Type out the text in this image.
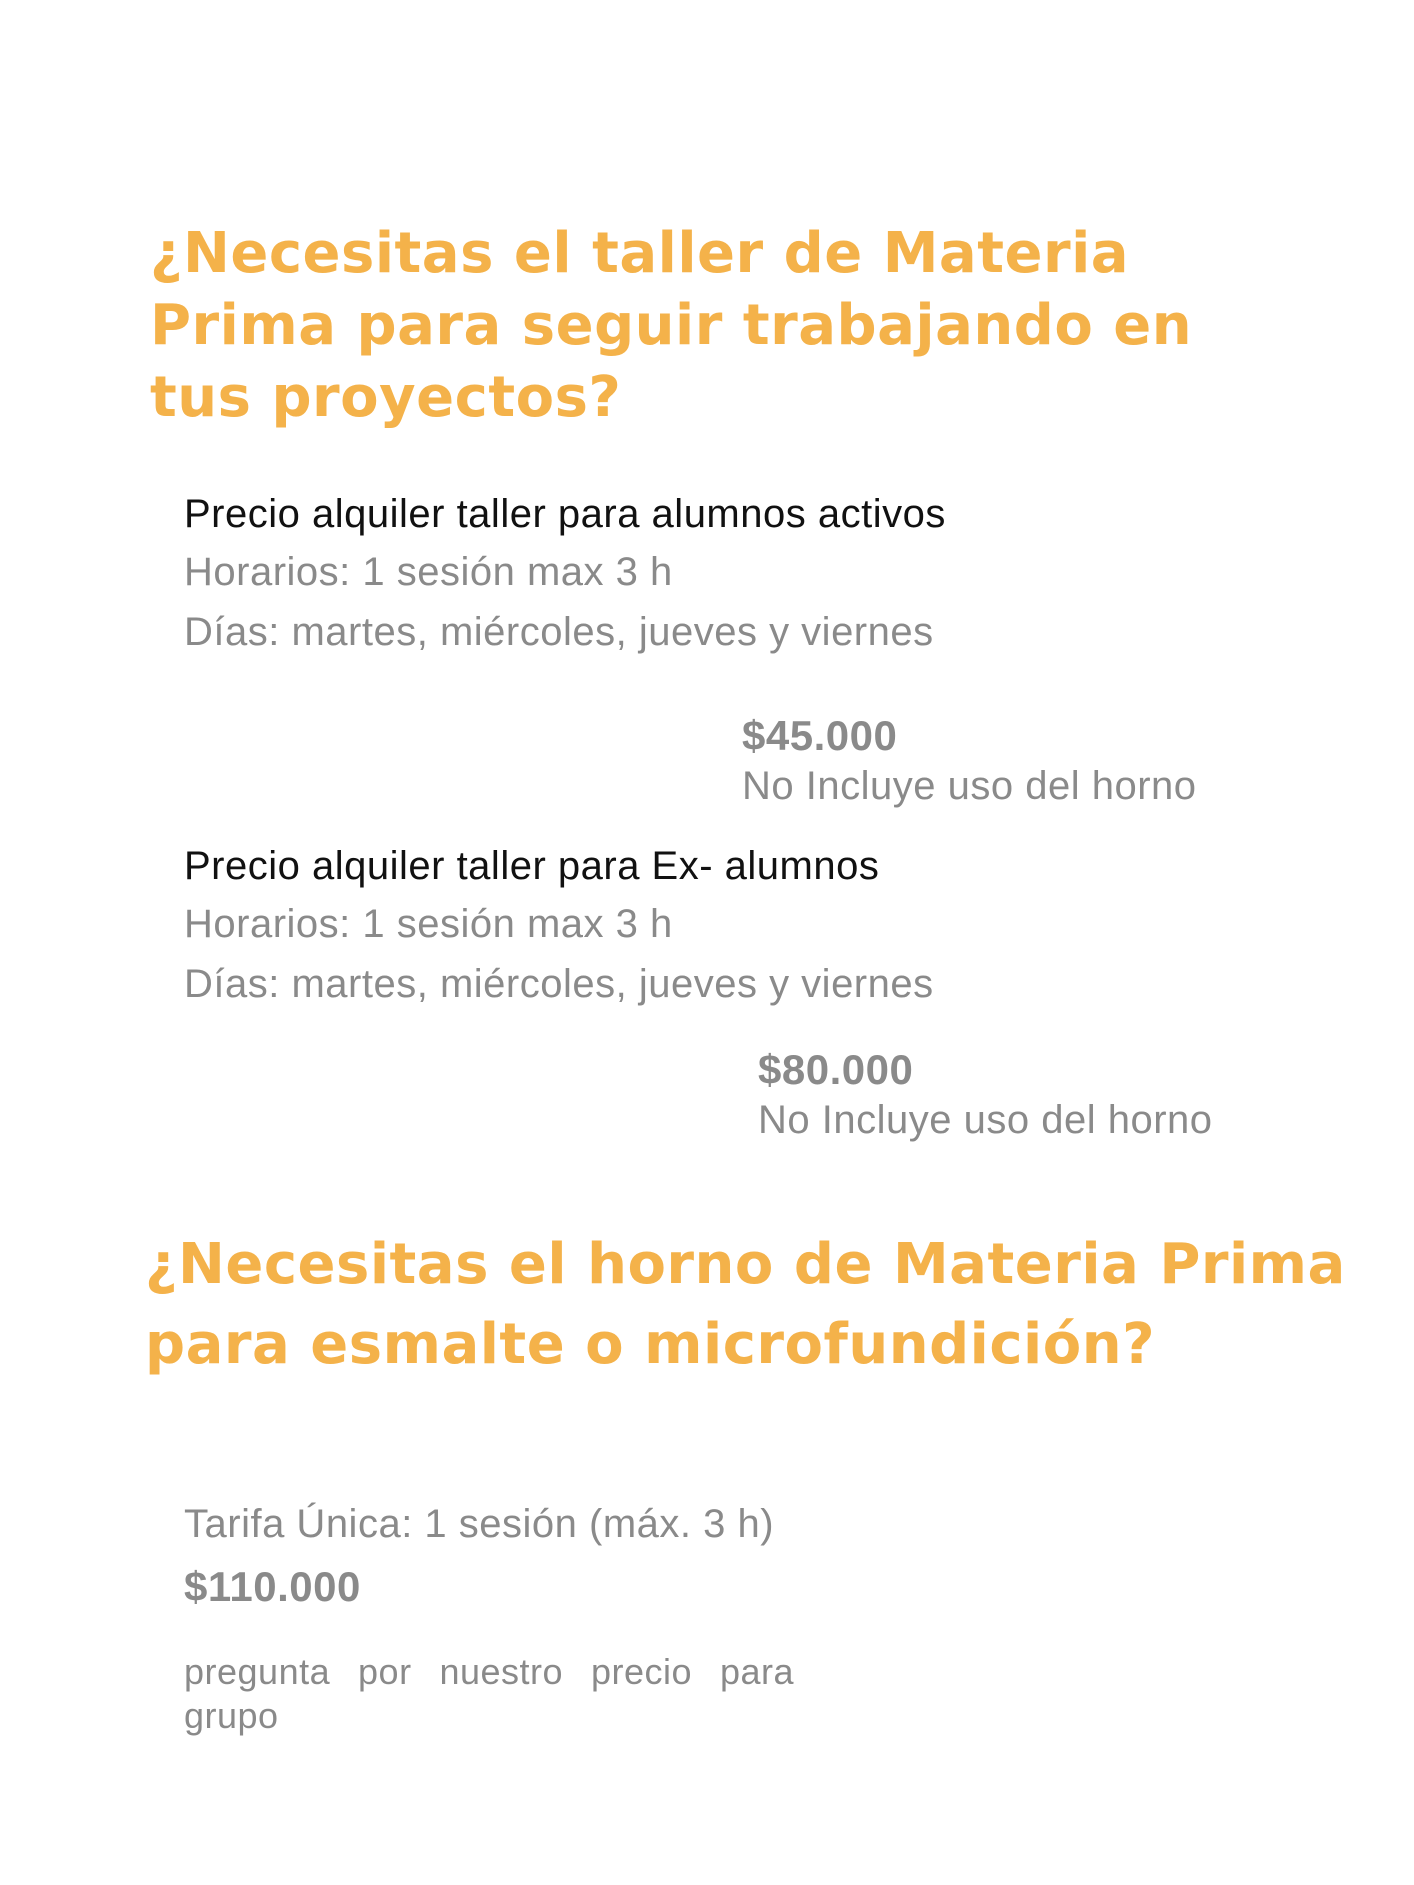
¿Necesitas el taller de Materia Prima para seguir trabajando en tus proyectos?
Precio alquiler taller para alumnos activos
Horarios: 1 sesión max 3 h
Días: martes, miércoles, jueves y viernes
$45.000
No Incluye uso del horno
Precio alquiler taller para Ex- alumnos
Horarios: 1 sesión max 3 h
Días: martes, miércoles, jueves y viernes
$80.000
No Incluye uso del horno
¿Necesitas el horno de Materia Prima para esmalte o microfundición?
Tarifa Única: 1 sesión (máx. 3 h)
$110.000
pregunta por nuestro precio para grupo
